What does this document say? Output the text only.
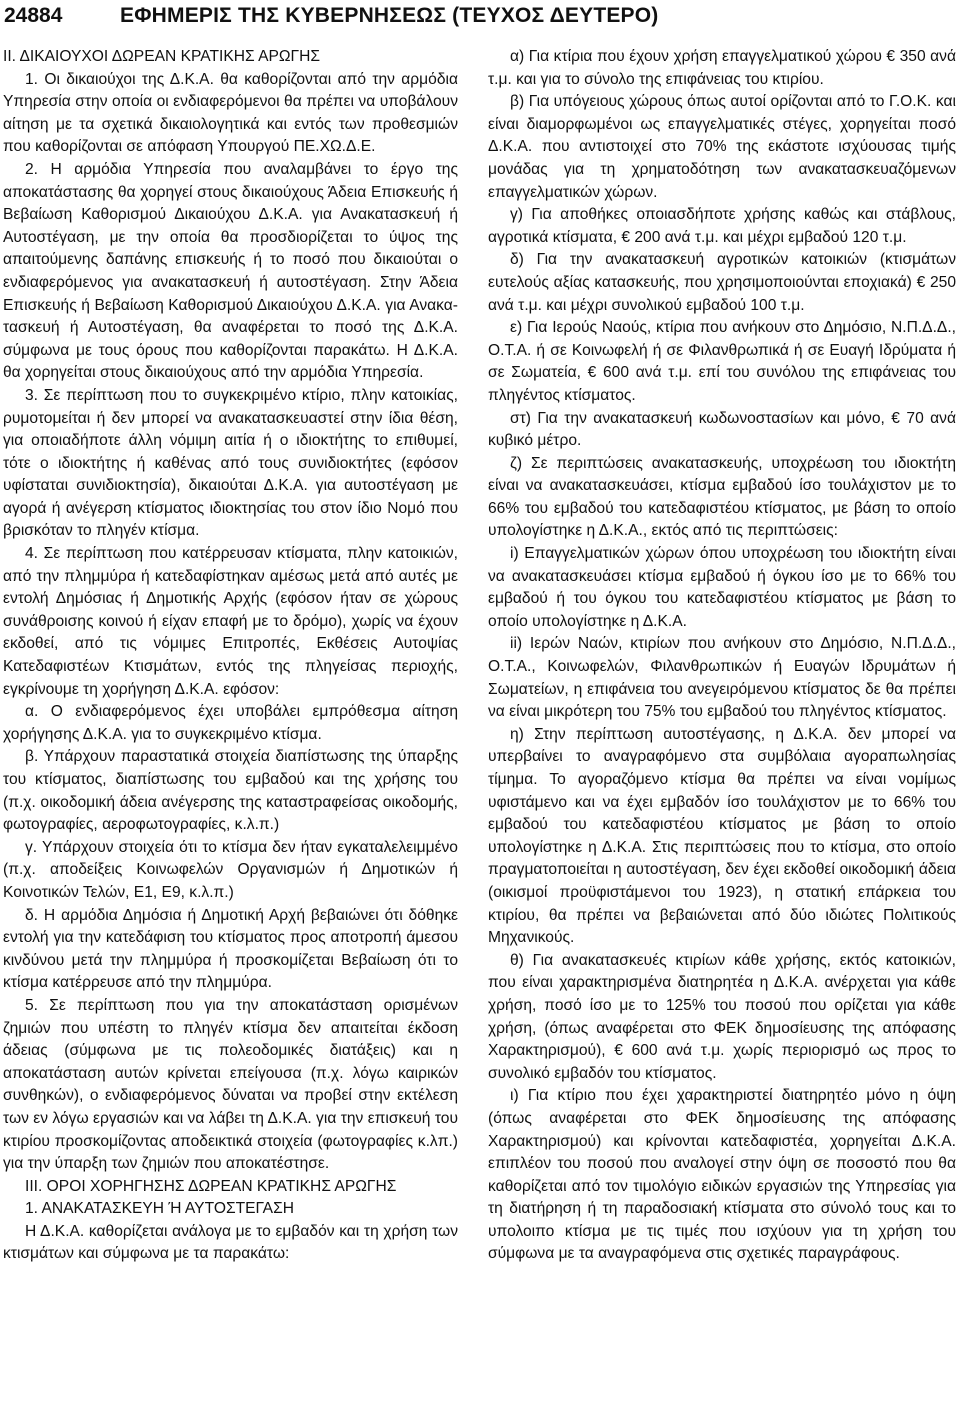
24884	ΕΦΗΜΕΡΙΣ ΤΗΣ ΚΥΒΕΡΝΗΣΕΩΣ (ΤΕΥΧΟΣ ΔΕΥΤΕΡΟ)

ΙΙ. ΔΙΚΑΙΟΥΧΟΙ ΔΩΡΕΑΝ ΚΡΑΤΙΚΗΣ ΑΡΩΓΗΣ

1. Οι δικαιούχοι της Δ.Κ.Α. θα καθορίζονται από την αρμόδια Υπηρεσία στην οποία οι ενδιαφερόμενοι θα πρέπει να υποβάλουν αίτηση με τα σχετικά δικαιολογητικά και εντός των προθεσμιών που καθορίζονται σε απόφαση Υπουργού ΠΕ.ΧΩ.Δ.Ε.

2. Η αρμόδια Υπηρεσία που αναλαμβάνει το έργο της αποκατάστασης θα χορηγεί στους δικαιούχους Άδεια Επισκευής ή Βεβαίωση Καθορισμού Δικαιούχου Δ.Κ.Α. για Ανακατασκευή ή Αυτοστέγαση, με την οποία θα προσδιορίζεται το ύψος της απαιτούμενης δαπάνης επισκευής ή το ποσό που δικαιούται ο ενδιαφερόμενος για ανακατασκευή ή αυτοστέγαση. Στην Άδεια Επισκευής ή Βεβαίωση Καθορισμού Δικαιούχου Δ.Κ.Α. για Ανακατασκευή ή Αυτοστέγαση, θα αναφέρεται το ποσό της Δ.Κ.Α. σύμφωνα με τους όρους που καθορίζονται παρακάτω. Η Δ.Κ.Α. θα χορηγείται στους δικαιούχους από την αρμόδια Υπηρεσία.

3. Σε περίπτωση που το συγκεκριμένο κτίριο, πλην κατοικίας, ρυμοτομείται ή δεν μπορεί να ανακατασκευαστεί στην ίδια θέση, για οποιαδήποτε άλλη νόμιμη αιτία ή ο ιδιοκτήτης το επιθυμεί, τότε ο ιδιοκτήτης ή καθένας από τους συνιδιοκτήτες (εφόσον υφίσταται συνιδιοκτησία), δικαιούται Δ.Κ.Α. για αυτοστέγαση με αγορά ή ανέγερση κτίσματος ιδιοκτησίας του στον ίδιο Νομό που βρισκόταν το πληγέν κτίσμα.

4. Σε περίπτωση που κατέρρευσαν κτίσματα, πλην κατοικιών, από την πλημμύρα ή κατεδαφίστηκαν αμέσως μετά από αυτές με εντολή Δημόσιας ή Δημοτικής Αρχής (εφόσον ήταν σε χώρους συνάθροισης κοινού ή είχαν επαφή με το δρόμο), χωρίς να έχουν εκδοθεί, από τις νόμιμες Επιτροπές, Εκθέσεις Αυτοψίας Κατεδαφιστέων Κτισμάτων, εντός της πληγείσας περιοχής, εγκρίνουμε τη χορήγηση Δ.Κ.Α. εφόσον:

α. Ο ενδιαφερόμενος έχει υποβάλει εμπρόθεσμα αίτηση χορήγησης Δ.Κ.Α. για το συγκεκριμένο κτίσμα.

β. Υπάρχουν παραστατικά στοιχεία διαπίστωσης της ύπαρξης του κτίσματος, διαπίστωσης του εμβαδού και της χρήσης του (π.χ. οικοδομική άδεια ανέγερσης της καταστραφείσας οικοδομής, φωτογραφίες, αεροφωτογραφίες, κ.λ.π.)

γ. Υπάρχουν στοιχεία ότι το κτίσμα δεν ήταν εγκαταλελειμμένο (π.χ. αποδείξεις Κοινωφελών Οργανισμών ή Δημοτικών ή Κοινοτικών Τελών, Ε1, Ε9, κ.λ.π.)

δ. Η αρμόδια Δημόσια ή Δημοτική Αρχή βεβαιώνει ότι δόθηκε εντολή για την κατεδάφιση του κτίσματος προς αποτροπή άμεσου κινδύνου μετά την πλημμύρα ή προσκομίζεται Βεβαίωση ότι το κτίσμα κατέρρευσε από την πλημμύρα.

5. Σε περίπτωση που για την αποκατάσταση ορισμένων ζημιών που υπέστη το πληγέν κτίσμα δεν απαιτείται έκδοση άδειας (σύμφωνα με τις πολεοδομικές διατάξεις) και η αποκατάσταση αυτών κρίνεται επείγουσα (π.χ. λόγω καιρικών συνθηκών), ο ενδιαφερόμενος δύναται να προβεί στην εκτέλεση των εν λόγω εργασιών και να λάβει τη Δ.Κ.Α. για την επισκευή του κτιρίου προσκομίζοντας αποδεικτικά στοιχεία (φωτογραφίες κ.λπ.) για την ύπαρξη των ζημιών που αποκατέστησε.

ΙΙΙ. ΟΡΟΙ ΧΟΡΗΓΗΣΗΣ ΔΩΡΕΑΝ ΚΡΑΤΙΚΗΣ ΑΡΩΓΗΣ

1. ΑΝΑΚΑΤΑΣΚΕΥΗ Ή ΑΥΤΟΣΤΕΓΑΣΗ

Η Δ.Κ.Α. καθορίζεται ανάλογα με το εμβαδόν και τη χρήση των κτισμάτων και σύμφωνα με τα παρακάτω:

α) Για κτίρια που έχουν χρήση επαγγελματικού χώρου € 350 ανά τ.μ. και για το σύνολο της επιφάνειας του κτιρίου.

β) Για υπόγειους χώρους όπως αυτοί ορίζονται από το Γ.Ο.Κ. και είναι διαμορφωμένοι ως επαγγελματικές στέγες, χορηγείται ποσό Δ.Κ.Α. που αντιστοιχεί στο 70% της εκάστοτε ισχύουσας τιμής μονάδας για τη χρηματοδότηση των ανακατασκευαζόμενων επαγγελματικών χώρων.

γ) Για αποθήκες οποιασδήποτε χρήσης καθώς και στάβλους, αγροτικά κτίσματα, € 200 ανά τ.μ. και μέχρι εμβαδού 120 τ.μ.

δ) Για την ανακατασκευή αγροτικών κατοικιών (κτισμάτων ευτελούς αξίας κατασκευής, που χρησιμοποιούνται εποχιακά) € 250 ανά τ.μ. και μέχρι συνολικού εμβαδού 100 τ.μ.

ε) Για Ιερούς Ναούς, κτίρια που ανήκουν στο Δημόσιο, Ν.Π.Δ.Δ., Ο.Τ.Α. ή σε Κοινωφελή ή σε Φιλανθρωπικά ή σε Ευαγή Ιδρύματα ή σε Σωματεία, € 600 ανά τ.μ. επί του συνόλου της επιφάνειας του πληγέντος κτίσματος.

στ) Για την ανακατασκευή κωδωνοστασίων και μόνο, € 70 ανά κυβικό μέτρο.

ζ) Σε περιπτώσεις ανακατασκευής, υποχρέωση του ιδιοκτήτη είναι να ανακατασκευάσει, κτίσμα εμβαδού ίσο τουλάχιστον με το 66% του εμβαδού του κατεδαφιστέου κτίσματος, με βάση το οποίο υπολογίστηκε η Δ.Κ.Α., εκτός από τις περιπτώσεις:

i) Επαγγελματικών χώρων όπου υποχρέωση του ιδιοκτήτη είναι να ανακατασκευάσει κτίσμα εμβαδού ή όγκου ίσο με το 66% του εμβαδού ή του όγκου του κατεδαφιστέου κτίσματος με βάση το οποίο υπολογίστηκε η Δ.Κ.Α.

ii) Ιερών Ναών, κτιρίων που ανήκουν στο Δημόσιο, Ν.Π.Δ.Δ., Ο.Τ.Α., Κοινωφελών, Φιλανθρωπικών ή Ευαγών Ιδρυμάτων ή Σωματείων, η επιφάνεια του ανεγειρόμενου κτίσματος δε θα πρέπει να είναι μικρότερη του 75% του εμβαδού του πληγέντος κτίσματος.

η) Στην περίπτωση αυτοστέγασης, η Δ.Κ.Α. δεν μπορεί να υπερβαίνει το αναγραφόμενο στα συμβόλαια αγοραπωλησίας τίμημα. Το αγοραζόμενο κτίσμα θα πρέπει να είναι νομίμως υφιστάμενο και να έχει εμβαδόν ίσο τουλάχιστον με το 66% του εμβαδού του κατεδαφιστέου κτίσματος με βάση το οποίο υπολογίστηκε η Δ.Κ.Α. Στις περιπτώσεις που το κτίσμα, στο οποίο πραγματοποιείται η αυτοστέγαση, δεν έχει εκδοθεί οικοδομική άδεια (οικισμοί προϋφιστάμενοι του 1923), η στατική επάρκεια του κτιρίου, θα πρέπει να βεβαιώνεται από δύο ιδιώτες Πολιτικούς Μηχανικούς.

θ) Για ανακατασκευές κτιρίων κάθε χρήσης, εκτός κατοικιών, που είναι χαρακτηρισμένα διατηρητέα η Δ.Κ.Α. ανέρχεται για κάθε χρήση, ποσό ίσο με το 125% του ποσού που ορίζεται για κάθε χρήση, (όπως αναφέρεται στο ΦΕΚ δημοσίευσης της απόφασης Χαρακτηρισμού), € 600 ανά τ.μ. χωρίς περιορισμό ως προς το συνολικό εμβαδόν του κτίσματος.

ι) Για κτίριο που έχει χαρακτηριστεί διατηρητέο μόνο η όψη (όπως αναφέρεται στο ΦΕΚ δημοσίευσης της απόφασης Χαρακτηρισμού) και κρίνονται κατεδαφιστέα, χορηγείται Δ.Κ.Α. επιπλέον του ποσού που αναλογεί στην όψη σε ποσοστό που θα καθορίζεται από τον τιμολόγιο ειδικών εργασιών της Υπηρεσίας για τη διατήρηση ή τη παραδοσιακή κτίσματα στο σύνολό τους και το υπολοιπο κτίσμα με τις τιμές που ισχύουν για τη χρήση του σύμφωνα με τα αναγραφόμενα στις σχετικές παραγράφους.
